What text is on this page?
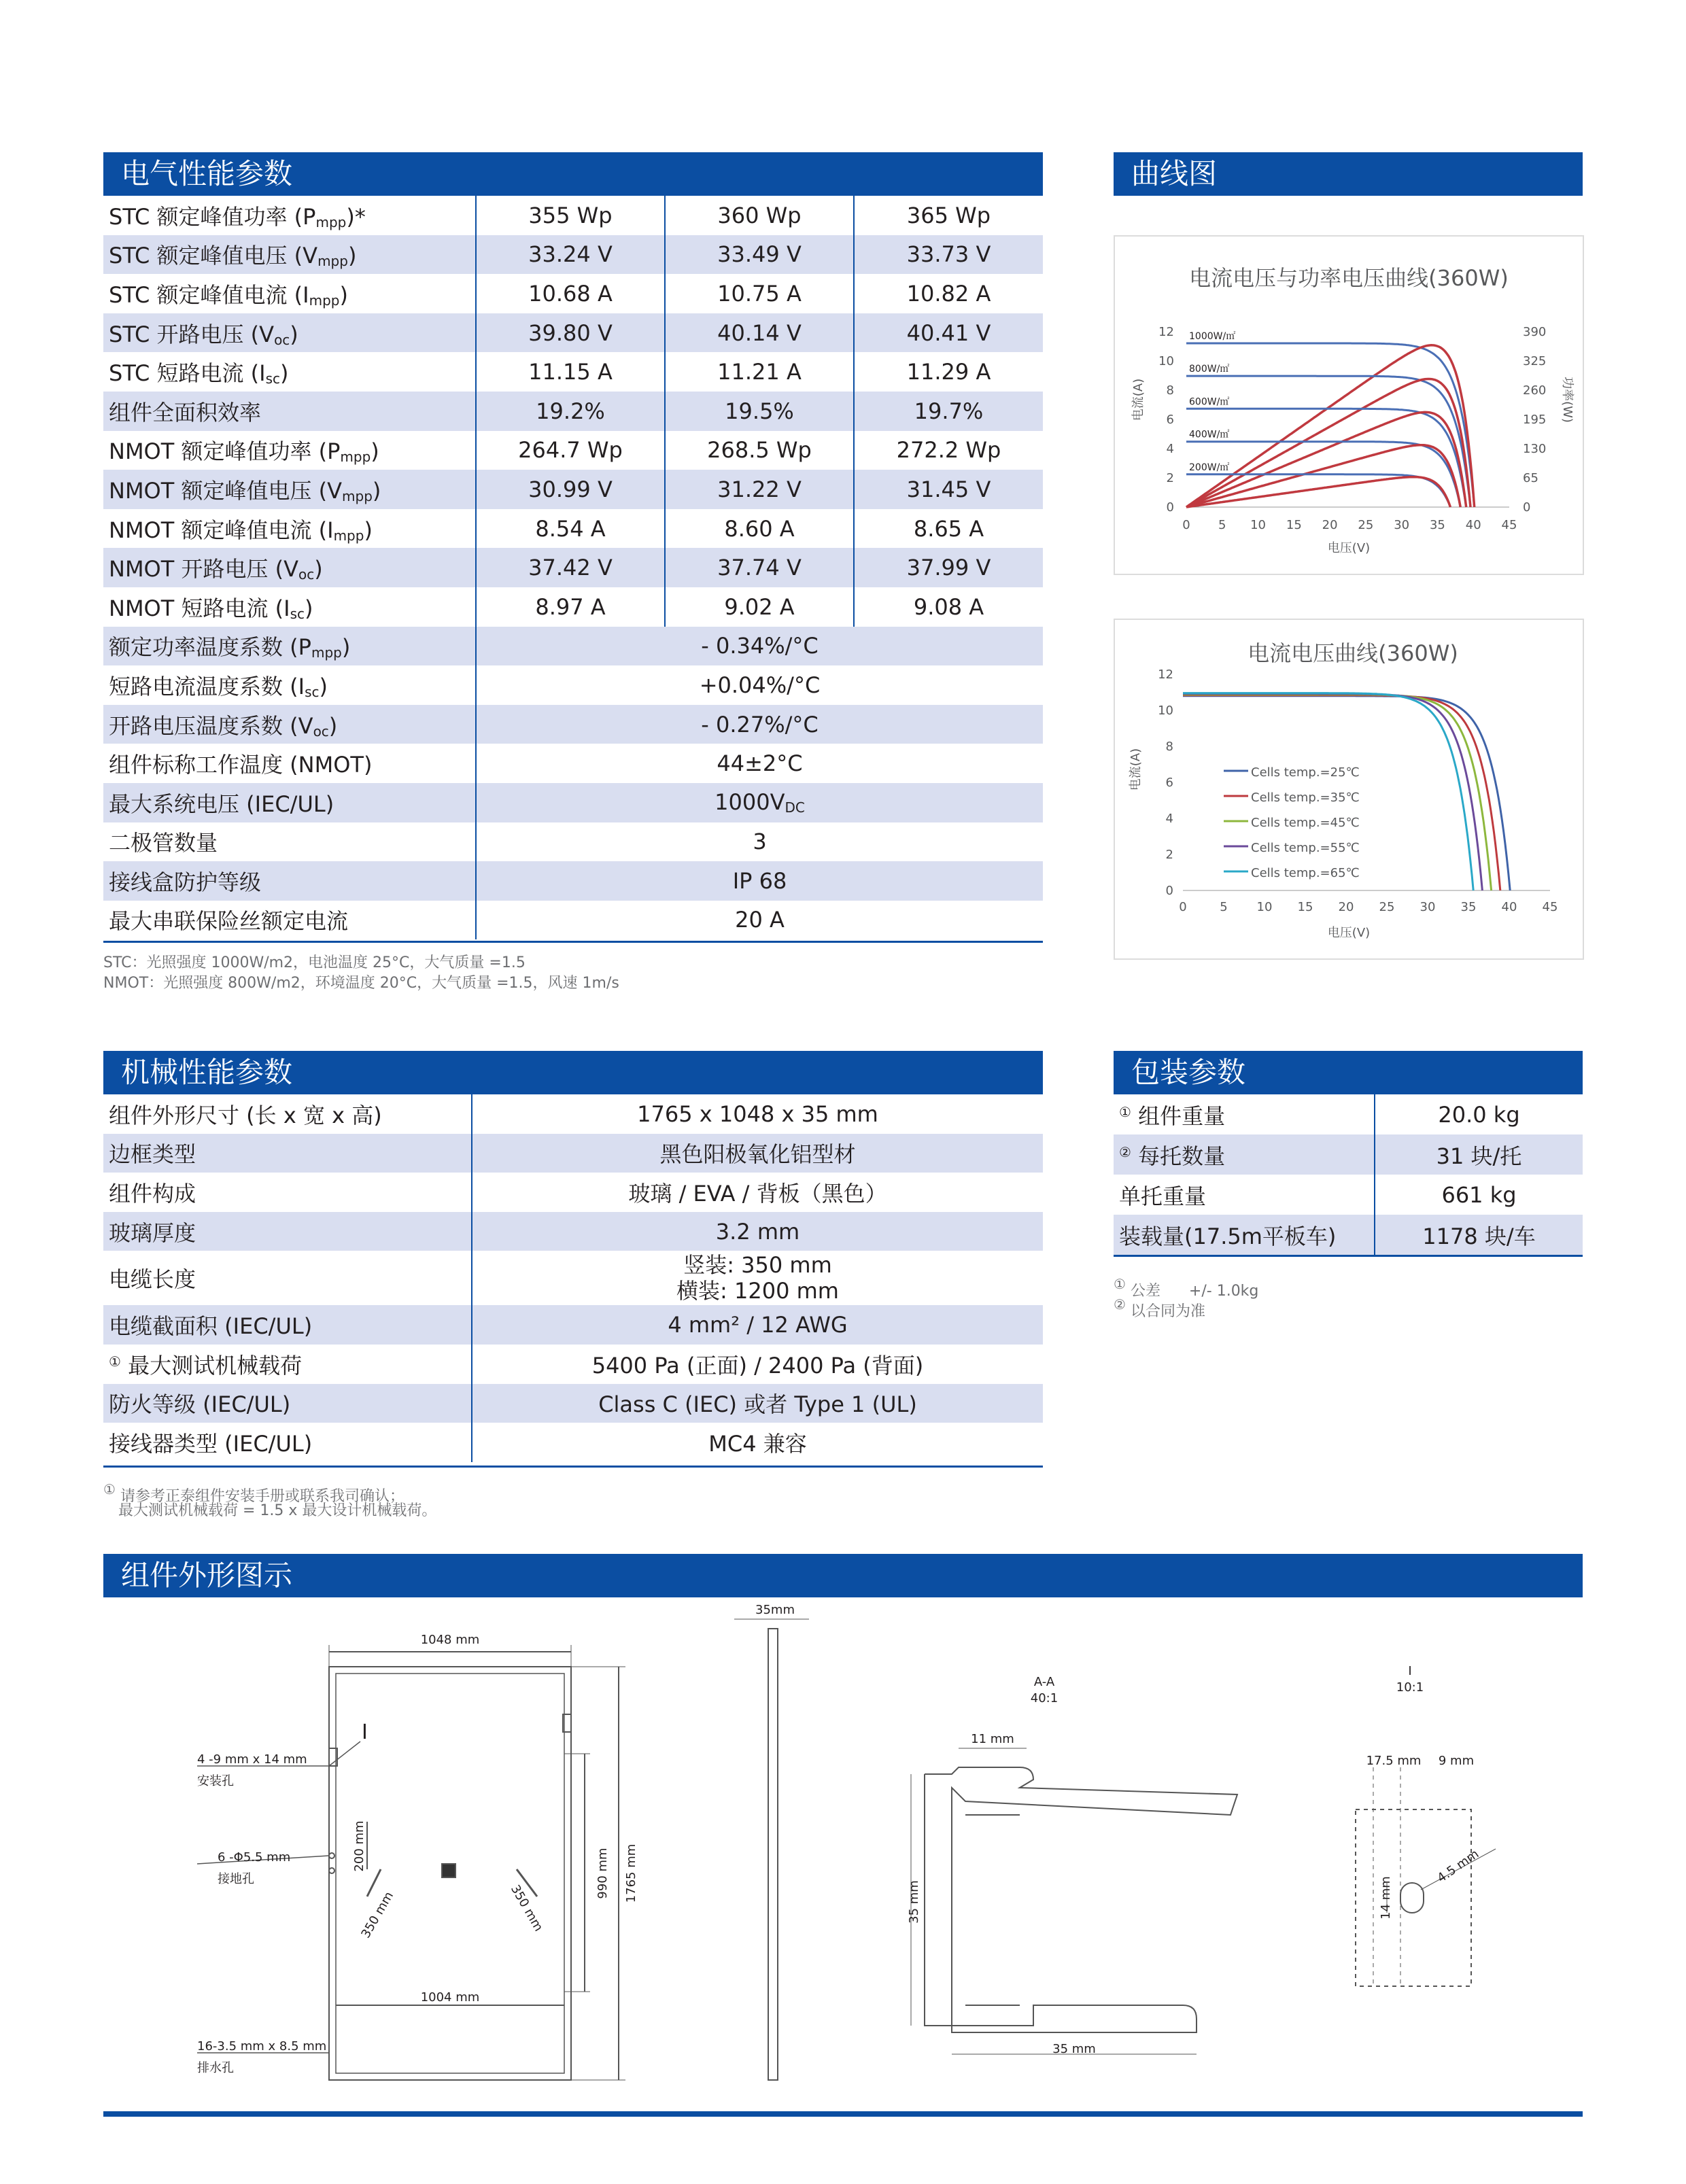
电气性能参数
STC 额定峰值功率 $(P_{mpp})*$	355 Wp	360 Wp	365 Wp
STC 额定峰值电压 $(V_{mpp})$	33.24 V	33.49 V	33.73 V
STC 额定峰值电流 $(I_{mpp})$	10.68 A	10.75 A	10.82 A
STC 开路电压 $(V_{oc})$	39.80 V	40.14 V	40.41 V
STC 短路电流 $(I_{sc})$	11.15 A	11.21 A	11.29 A
组件全面积效率	19.2%	19.5%	19.7%
NMOT 额定峰值功率 $(P_{mpp})$	264.7 Wp	268.5 Wp	272.2 Wp
NMOT 额定峰值电压 $(V_{mpp})$	30.99 V	31.22 V	31.45 V
NMOT 额定峰值电流 $(I_{mpp})$	8.54 A	8.60 A	8.65 A
NMOT 开路电压 $(V_{oc})$	37.42 V	37.74 V	37.99 V
NMOT 短路电流 $(I_{sc})$	8.97 A	9.02 A	9.08 A
额定功率温度系数 $(P_{mpp})$	- 0.34%/°C		
短路电流温度系数 $(I_{sc})$	+0.04%/°C		
开路电压温度系数 $(V_{oc})$	- 0.27%/°C		
组件标称工作温度 (NMOT)	44±2°C		
最大系统电压 (IEC/UL)	$1000V_{DC}$
二极管数量	3		
接线盒防护等级	IP 68		
最大串联保险丝额定电流	20 A		
STC：光照强度 1000W/m2，电池温度 25°C，大气质量 =1.5
NMOT：光照强度 800W/m2，环境温度 20°C，大气质量 =1.5，风速 1m/s
曲线图
电流电压与功率电压曲线(360W)
0 5 10 15 20 25 30 35 40 45
0
2
4
6
8
10
12
0
65
130
195
260
325
390
电压(V)
电流(A)	功率(W)
1000W/㎡
800W/㎡
600W/㎡
400W/㎡
200W/㎡
电流电压曲线(360W)
0	5 10 15 20 25 30 35 40 45
0
2
4
6
8
10
12
电压(V)
电流(A)	Cells temp.=25℃
Cells temp.=35℃
Cells temp.=45℃
Cells temp.=55℃
Cells temp.=65℃
机械性能参数
组件外形尺寸 (长 x 宽 x 高)	1765 x 1048 x 35 mm
边框类型	黑色阳极氧化铝型材
组件构成	玻璃 / EVA / 背板（黑色）
玻璃厚度	3.2 mm
电缆长度	竖装: 350 mm
横装: 1200 mm

电缆截面积 (IEC/UL)	4 mm² / 12 AWG
① 最大测试机械载荷	5400 Pa (正面) / 2400 Pa (背面)
防火等级 (IEC/UL)	Class C (IEC) 或者 Type 1 (UL)
接线器类型 (IEC/UL)	MC4 兼容
① 请参考正泰组件安装手册或联系我司确认；
最大测试机械载荷 = 1.5 x 最大设计机械载荷。
包装参数
① 组件重量	20.0 kg
② 每托数量	31 块/托
单托重量	661 kg
装载量(17.5m平板车)	1178 块/车
① 公差 +/- 1.0kg
② 以合同为准
组件外形图示
1048 mm
1004 mm
1765 mm
990 mm
200 mm
350 mm	350 mm
4 -9 mm x 14 mm
安装孔
6 -Φ5.5 mm
接地孔
16-3.5 mm x 8.5 mm
排水孔
I
35mm
A-A
40:1
11 mm
35 mm
35 mm
I
10:1
17.5 mm 9 mm
14 mm
4.5 mm
